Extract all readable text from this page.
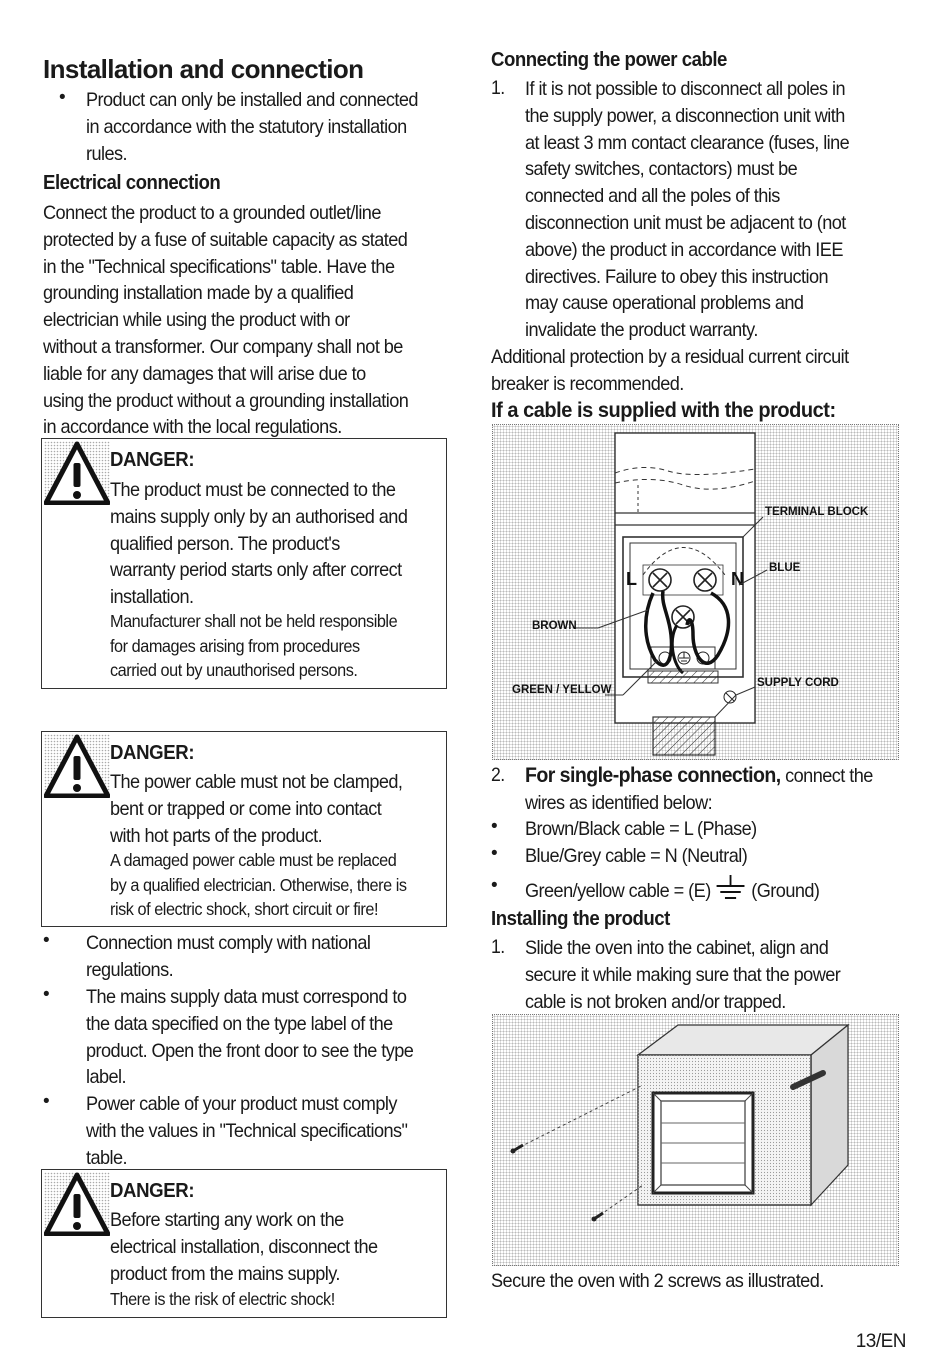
Installation and connection
• Product can only be installed and connected
in accordance with the statutory installation
rules.
Electrical connection
Connect the product to a grounded outlet/line
protected by a fuse of suitable capacity as stated
in the "Technical specifications" table. Have the
grounding installation made by a qualified
electrician while using the product with or
without a transformer. Our company shall not be
liable for any damages that will arise due to
using the product without a grounding installation
in accordance with the local regulations.
DANGER:
The product must be connected to the
mains supply only by an authorised and
qualified person. The product's
warranty period starts only after correct
installation.
Manufacturer shall not be held responsible
for damages arising from procedures
carried out by unauthorised persons.
DANGER:
The power cable must not be clamped,
bent or trapped or come into contact
with hot parts of the product.
A damaged power cable must be replaced
by a qualified electrician. Otherwise, there is
risk of electric shock, short circuit or fire!
• Connection must comply with national
regulations.
• The mains supply data must correspond to
the data specified on the type label of the
product. Open the front door to see the type
label.
• Power cable of your product must comply
with the values in "Technical specifications"
table.
DANGER:
Before starting any work on the
electrical installation, disconnect the
product from the mains supply.
There is the risk of electric shock!
Connecting the power cable
1. If it is not possible to disconnect all poles in
the supply power, a disconnection unit with
at least 3 mm contact clearance (fuses, line
safety switches, contactors) must be
connected and all the poles of this
disconnection unit must be adjacent to (not
above) the product in accordance with IEE
directives. Failure to obey this instruction
may cause operational problems and
invalidate the product warranty.
Additional protection by a residual current circuit
breaker is recommended.
If a cable is supplied with the product:
L	N
TERMINAL BLOCK
BLUE
BROWN
GREEN / YELLOW
SUPPLY CORD
2. For single-phase connection, connect the
wires as identified below:
• Brown/Black cable = L (Phase)
• Blue/Grey cable = N (Neutral)
• Green/yellow cable = (E) (Ground)
Installing the product
1. Slide the oven into the cabinet, align and
secure it while making sure that the power
cable is not broken and/or trapped.
Secure the oven with 2 screws as illustrated.
13/EN
